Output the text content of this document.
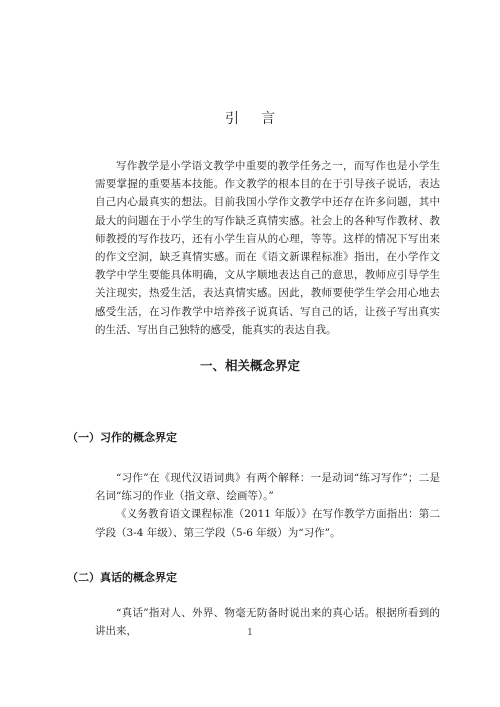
引言

写作教学是小学语文教学中重要的教学任务之一，而写作也是小学生需要掌握的重要基本技能。作文教学的根本目的在于引导孩子说话，表达自己内心最真实的想法。目前我国小学作文教学中还存在许多问题，其中最大的问题在于小学生的写作缺乏真情实感。社会上的各种写作教材、教师教授的写作技巧，还有小学生盲从的心理，等等。这样的情况下写出来的作文空洞，缺乏真情实感。而在《语文新课程标准》指出，在小学作文教学中学生要能具体明确，文从字顺地表达自己的意思，教师应引导学生关注现实，热爱生活，表达真情实感。因此，教师要使学生学会用心地去感受生活，在习作教学中培养孩子说真话、写自己的话，让孩子写出真实的生活、写出自己独特的感受，能真实的表达自我。

一、相关概念界定
（一）习作的概念界定

“习作”在《现代汉语词典》有两个解释：一是动词“练习写作”；二是名词“练习的作业（指文章、绘画等）。”

《义务教育语文课程标准（2011 年版）》在写作教学方面指出：第二学段（3-4 年级）、第三学段（5-6 年级）为“习作”。

（二）真话的概念界定

“真话”指对人、外界、物毫无防备时说出来的真心话。根据所看到的讲出来，	1
